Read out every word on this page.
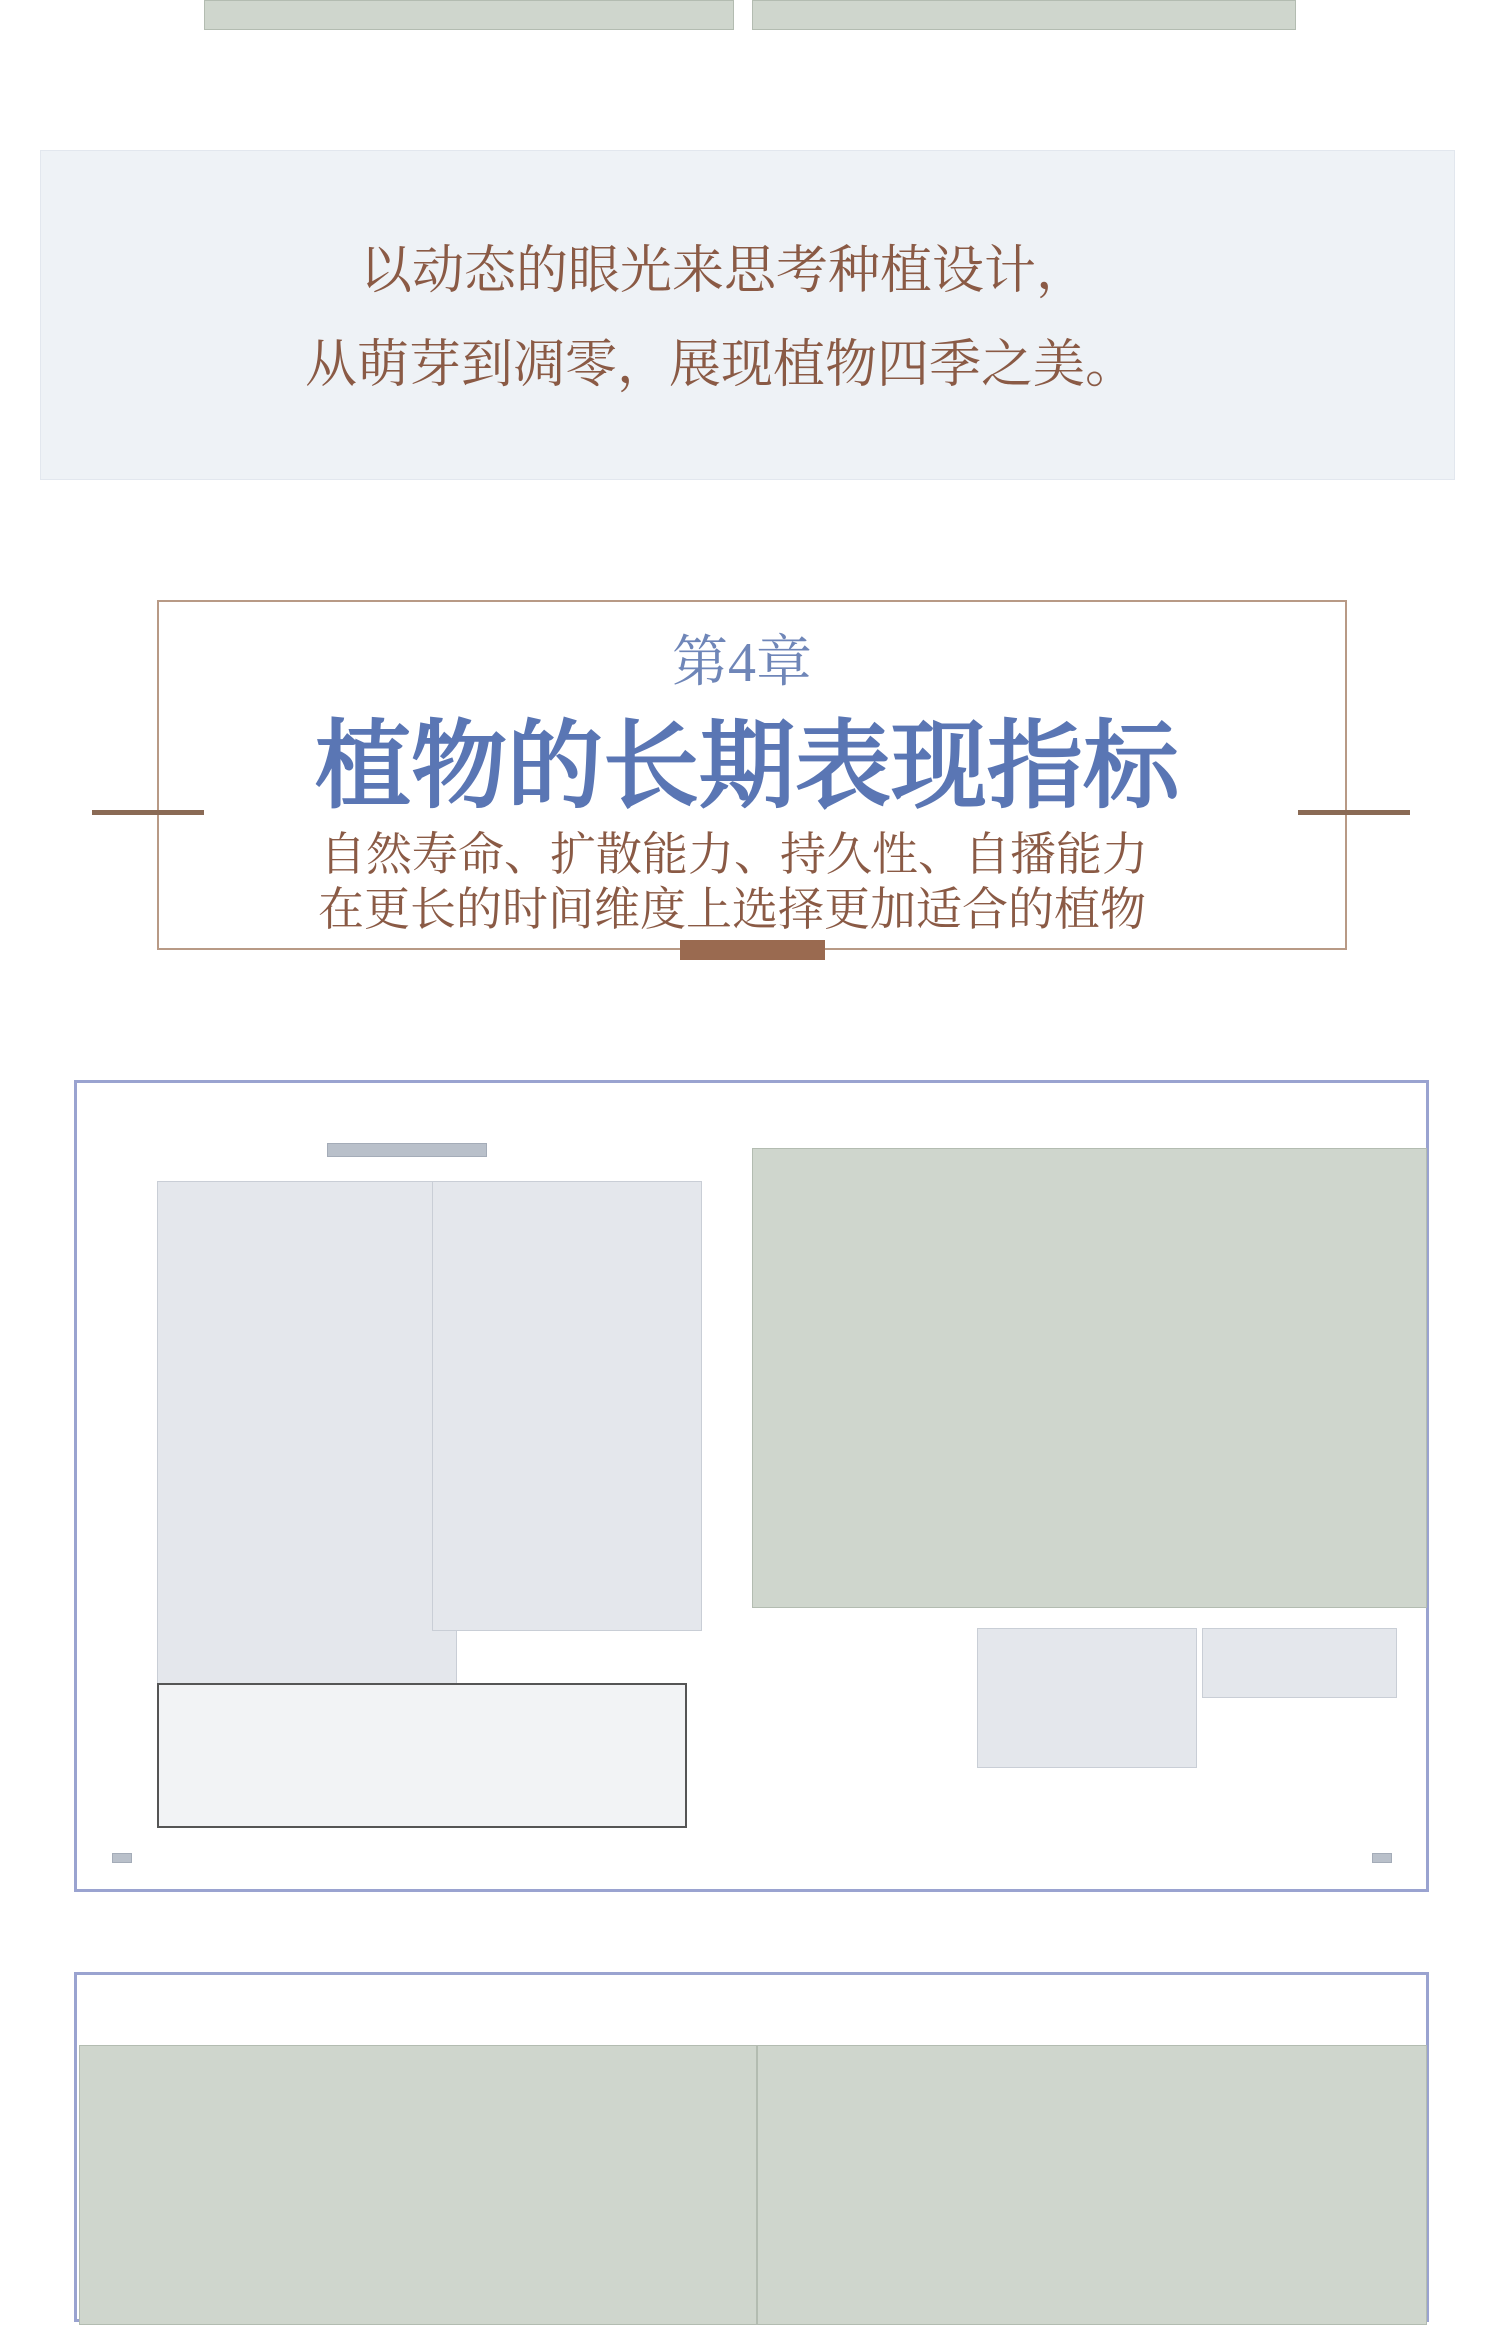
以动态的眼光来思考种植设计，
从萌芽到凋零，展现植物四季之美。
第4章
植物的长期表现指标
自然寿命、扩散能力、持久性、自播能力
在更长的时间维度上选择更加适合的植物
